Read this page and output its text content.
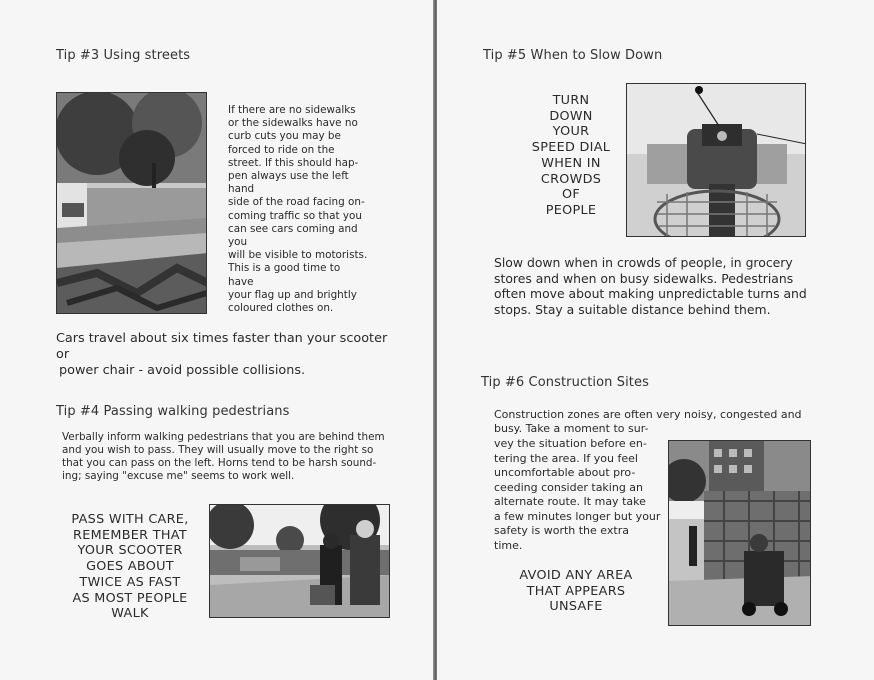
Tip #3 Using streets
If there are no sidewalks
or the sidewalks have no
curb cuts you may be
forced to ride on the
street. If this should hap-
pen always use the left hand
side of the road facing on-
coming traffic so that you
can see cars coming and you
will be visible to motorists.
This is a good time to have
your flag up and brightly
coloured clothes on.
Cars travel about six times faster than your scooter
or
power chair - avoid possible collisions.
Tip #4 Passing walking pedestrians
Verbally inform walking pedestrians that you are behind them
and you wish to pass. They will usually move to the right so
that you can pass on the left. Horns tend to be harsh sound-
ing; saying "excuse me" seems to work well.
PASS WITH CARE,
REMEMBER THAT
YOUR SCOOTER
GOES ABOUT
TWICE AS FAST
AS MOST PEOPLE
WALK
Tip #5 When to Slow Down
TURN
DOWN
YOUR
SPEED DIAL
WHEN IN
CROWDS
OF
PEOPLE
Slow down when in crowds of people, in grocery
stores and when on busy sidewalks. Pedestrians
often move about making unpredictable turns and
stops. Stay a suitable distance behind them.
Tip #6 Construction Sites
Construction zones are often very noisy, congested and
busy. Take a moment to sur-
vey the situation before en-
tering the area. If you feel
uncomfortable about pro-
ceeding consider taking an
alternate route. It may take
a few minutes longer but your
safety is worth the extra
time.
AVOID ANY AREA
THAT APPEARS
UNSAFE
